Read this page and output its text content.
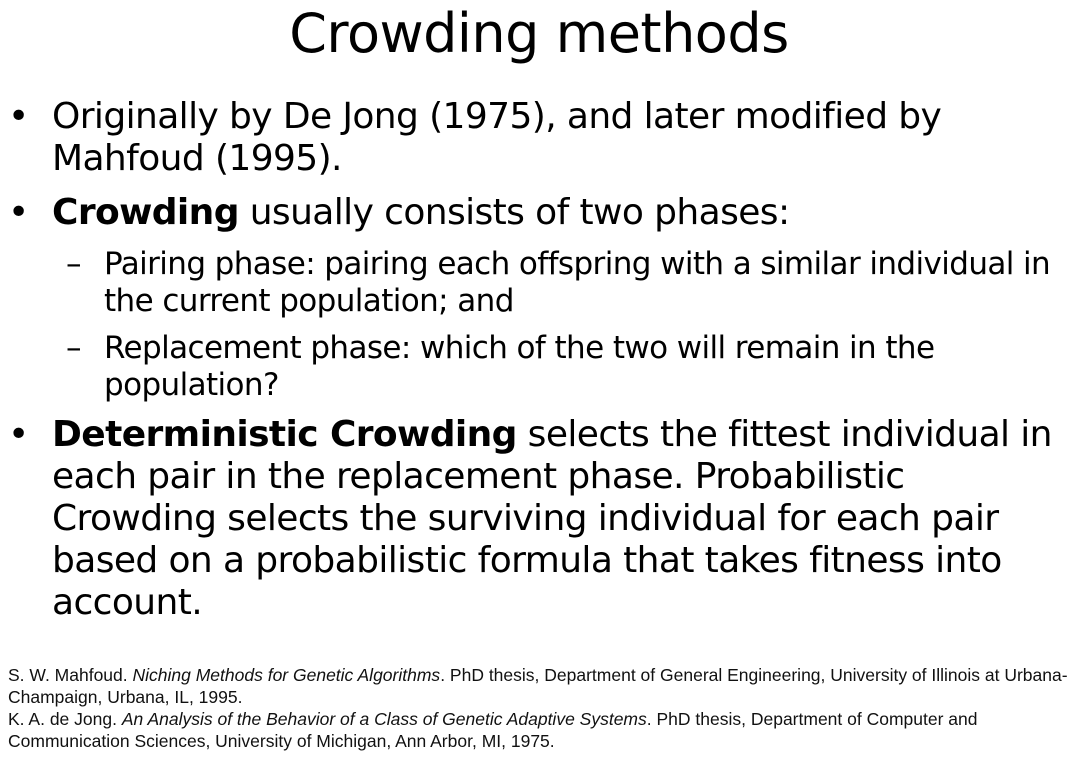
Crowding methods
• Originally by De Jong (1975), and later modified by Mahfoud (1995).
• Crowding usually consists of two phases:
– Pairing phase: pairing each offspring with a similar individual in the current population; and
– Replacement phase: which of the two will remain in the population?
• Deterministic Crowding selects the fittest individual in each pair in the replacement phase. Probabilistic Crowding selects the surviving individual for each pair based on a probabilistic formula that takes fitness into account.

S. W. Mahfoud. Niching Methods for Genetic Algorithms. PhD thesis, Department of General Engineering, University of Illinois at Urbana-Champaign, Urbana, IL, 1995.

K. A. de Jong. An Analysis of the Behavior of a Class of Genetic Adaptive Systems. PhD thesis, Department of Computer and Communication Sciences, University of Michigan, Ann Arbor, MI, 1975.
